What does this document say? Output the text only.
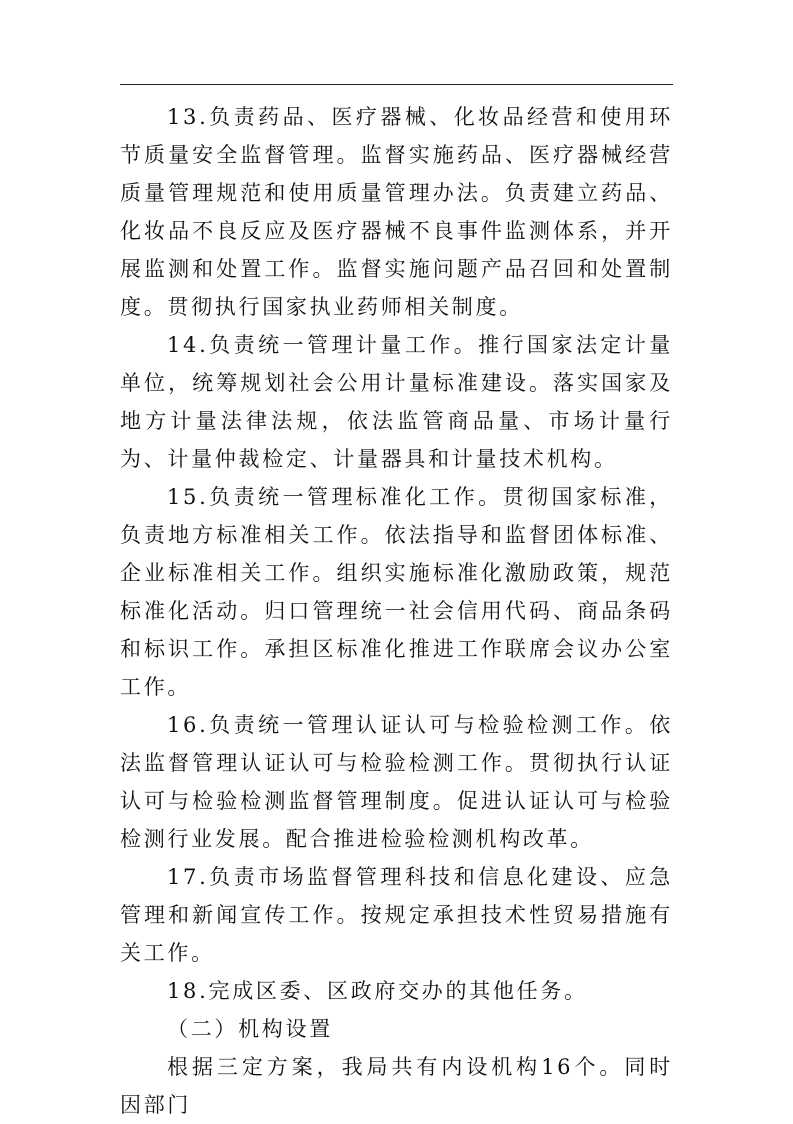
13.负责药品、医疗器械、化妆品经营和使用环节质量安全监督管理。监督实施药品、医疗器械经营质量管理规范和使用质量管理办法。负责建立药品、化妆品不良反应及医疗器械不良事件监测体系，并开展监测和处置工作。监督实施问题产品召回和处置制度。贯彻执行国家执业药师相关制度。

14.负责统一管理计量工作。推行国家法定计量单位，统筹规划社会公用计量标准建设。落实国家及地方计量法律法规，依法监管商品量、市场计量行为、计量仲裁检定、计量器具和计量技术机构。

15.负责统一管理标准化工作。贯彻国家标准，负责地方标准相关工作。依法指导和监督团体标准、企业标准相关工作。组织实施标准化激励政策，规范标准化活动。归口管理统一社会信用代码、商品条码和标识工作。承担区标准化推进工作联席会议办公室工作。

16.负责统一管理认证认可与检验检测工作。依法监督管理认证认可与检验检测工作。贯彻执行认证认可与检验检测监督管理制度。促进认证认可与检验检测行业发展。配合推进检验检测机构改革。

17.负责市场监督管理科技和信息化建设、应急管理和新闻宣传工作。按规定承担技术性贸易措施有关工作。

18.完成区委、区政府交办的其他任务。

（二）机构设置

根据三定方案，我局共有内设机构16个。同时因部门
